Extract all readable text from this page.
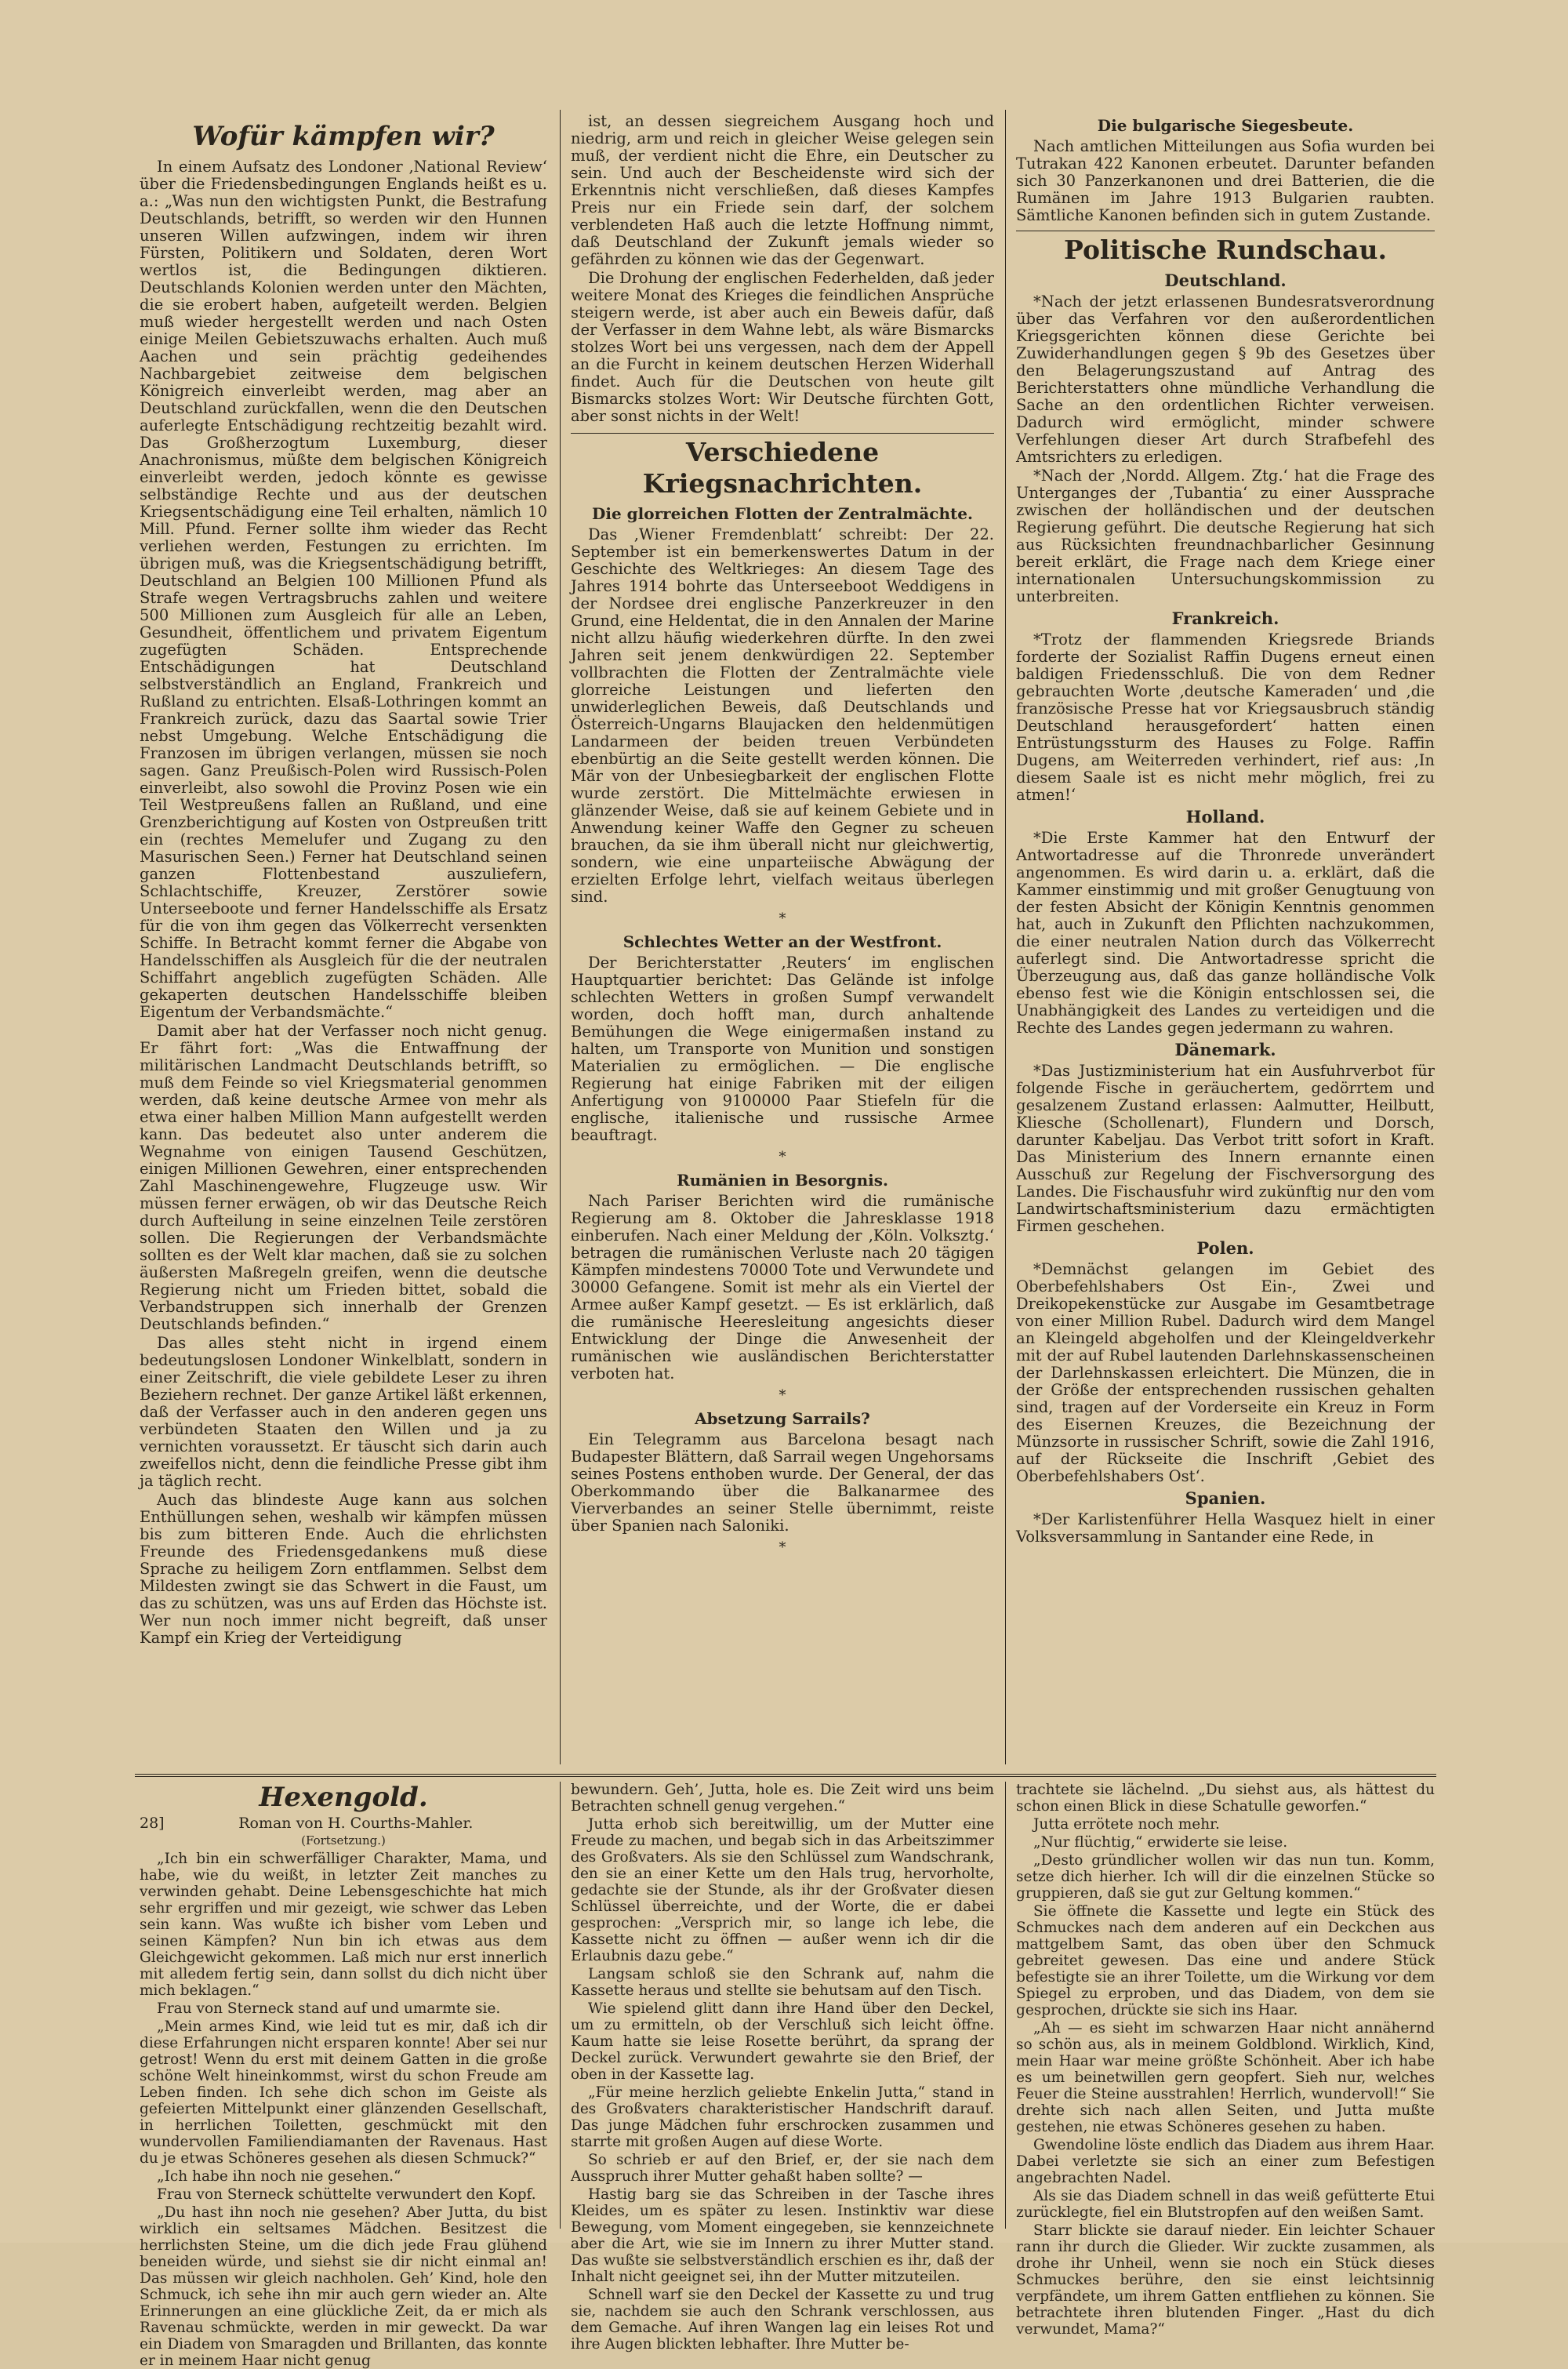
Wofür kämpfen wir?

In einem Aufsatz des Londoner ‚National Review‘ über die Friedensbedingungen Englands heißt es u. a.: „Was nun den wichtigsten Punkt, die Bestrafung Deutschlands, betrifft, so werden wir den Hunnen unseren Willen aufzwingen, indem wir ihren Fürsten, Politikern und Soldaten, deren Wort wertlos ist, die Bedingungen diktieren. Deutschlands Kolonien werden unter den Mächten, die sie erobert haben, aufgeteilt werden. Belgien muß wieder hergestellt werden und nach Osten einige Meilen Gebietszuwachs erhalten. Auch muß Aachen und sein prächtig gedeihendes Nachbargebiet zeitweise dem belgischen Königreich einverleibt werden, mag aber an Deutschland zurückfallen, wenn die den Deutschen auferlegte Entschädigung rechtzeitig bezahlt wird. Das Großherzogtum Luxemburg, dieser Anachronismus, müßte dem belgischen Königreich einverleibt werden, jedoch könnte es gewisse selbständige Rechte und aus der deutschen Kriegsentschädigung eine Teil erhalten, nämlich 10 Mill. Pfund. Ferner sollte ihm wieder das Recht verliehen werden, Festungen zu errichten. Im übrigen muß, was die Kriegsentschädigung betrifft, Deutschland an Belgien 100 Millionen Pfund als Strafe wegen Vertragsbruchs zahlen und weitere 500 Millionen zum Ausgleich für alle an Leben, Gesundheit, öffentlichem und privatem Eigentum zugefügten Schäden. Entsprechende Entschädigungen hat Deutschland selbstverständlich an England, Frankreich und Rußland zu entrichten. Elsaß-Lothringen kommt an Frankreich zurück, dazu das Saartal sowie Trier nebst Umgebung. Welche Entschädigung die Franzosen im übrigen verlangen, müssen sie noch sagen. Ganz Preußisch-Polen wird Russisch-Polen einverleibt, also sowohl die Provinz Posen wie ein Teil Westpreußens fallen an Rußland, und eine Grenzberichtigung auf Kosten von Ostpreußen tritt ein (rechtes Memelufer und Zugang zu den Masurischen Seen.) Ferner hat Deutschland seinen ganzen Flottenbestand auszuliefern, Schlachtschiffe, Kreuzer, Zerstörer sowie Unterseeboote und ferner Handelsschiffe als Ersatz für die von ihm gegen das Völkerrecht versenkten Schiffe. In Betracht kommt ferner die Abgabe von Handelsschiffen als Ausgleich für die der neutralen Schiffahrt angeblich zugefügten Schäden. Alle gekaperten deutschen Handelsschiffe bleiben Eigentum der Verbandsmächte.“

Damit aber hat der Verfasser noch nicht genug. Er fährt fort: „Was die Entwaffnung der militärischen Landmacht Deutschlands betrifft, so muß dem Feinde so viel Kriegsmaterial genommen werden, daß keine deutsche Armee von mehr als etwa einer halben Million Mann aufgestellt werden kann. Das bedeutet also unter anderem die Wegnahme von einigen Tausend Geschützen, einigen Millionen Gewehren, einer entsprechenden Zahl Maschinengewehre, Flugzeuge usw. Wir müssen ferner erwägen, ob wir das Deutsche Reich durch Aufteilung in seine einzelnen Teile zerstören sollen. Die Regierungen der Verbandsmächte sollten es der Welt klar machen, daß sie zu solchen äußersten Maßregeln greifen, wenn die deutsche Regierung nicht um Frieden bittet, sobald die Verbandstruppen sich innerhalb der Grenzen Deutschlands befinden.“

Das alles steht nicht in irgend einem bedeutungslosen Londoner Winkelblatt, sondern in einer Zeitschrift, die viele gebildete Leser zu ihren Beziehern rechnet. Der ganze Artikel läßt erkennen, daß der Verfasser auch in den anderen gegen uns verbündeten Staaten den Willen und ja zu vernichten voraussetzt. Er täuscht sich darin auch zweifellos nicht, denn die feindliche Presse gibt ihm ja täglich recht.

Auch das blindeste Auge kann aus solchen Enthüllungen sehen, weshalb wir kämpfen müssen bis zum bitteren Ende. Auch die ehrlichsten Freunde des Friedensgedankens muß diese Sprache zu heiligem Zorn entflammen. Selbst dem Mildesten zwingt sie das Schwert in die Faust, um das zu schützen, was uns auf Erden das Höchste ist. Wer nun noch immer nicht begreift, daß unser Kampf ein Krieg der Verteidigung

ist, an dessen siegreichem Ausgang hoch und niedrig, arm und reich in gleicher Weise gelegen sein muß, der verdient nicht die Ehre, ein Deutscher zu sein. Und auch der Bescheidenste wird sich der Erkenntnis nicht verschließen, daß dieses Kampfes Preis nur ein Friede sein darf, der solchem verblendeten Haß auch die letzte Hoffnung nimmt, daß Deutschland der Zukunft jemals wieder so gefährden zu können wie das der Gegenwart.

Die Drohung der englischen Federhelden, daß jeder weitere Monat des Krieges die feindlichen Ansprüche steigern werde, ist aber auch ein Beweis dafür, daß der Verfasser in dem Wahne lebt, als wäre Bismarcks stolzes Wort bei uns vergessen, nach dem der Appell an die Furcht in keinem deutschen Herzen Widerhall findet. Auch für die Deutschen von heute gilt Bismarcks stolzes Wort: Wir Deutsche fürchten Gott, aber sonst nichts in der Welt!

Verschiedene Kriegsnachrichten.
Die glorreichen Flotten der Zentralmächte.

Das ‚Wiener Fremdenblatt‘ schreibt: Der 22. September ist ein bemerkenswertes Datum in der Geschichte des Weltkrieges: An diesem Tage des Jahres 1914 bohrte das Unterseeboot Weddigens in der Nordsee drei englische Panzerkreuzer in den Grund, eine Heldentat, die in den Annalen der Marine nicht allzu häufig wiederkehren dürfte. In den zwei Jahren seit jenem denkwürdigen 22. September vollbrachten die Flotten der Zentralmächte viele glorreiche Leistungen und lieferten den unwiderleglichen Beweis, daß Deutschlands und Österreich-Ungarns Blaujacken den heldenmütigen Landarmeen der beiden treuen Verbündeten ebenbürtig an die Seite gestellt werden können. Die Mär von der Unbesiegbarkeit der englischen Flotte wurde zerstört. Die Mittelmächte erwiesen in glänzender Weise, daß sie auf keinem Gebiete und in Anwendung keiner Waffe den Gegner zu scheuen brauchen, da sie ihm überall nicht nur gleichwertig, sondern, wie eine unparteiische Abwägung der erzielten Erfolge lehrt, vielfach weitaus überlegen sind.

*
Schlechtes Wetter an der Westfront.

Der Berichterstatter ‚Reuters‘ im englischen Hauptquartier berichtet: Das Gelände ist infolge schlechten Wetters in großen Sumpf verwandelt worden, doch hofft man, durch anhaltende Bemühungen die Wege einigermaßen instand zu halten, um Transporte von Munition und sonstigen Materialien zu ermöglichen. — Die englische Regierung hat einige Fabriken mit der eiligen Anfertigung von 9100000 Paar Stiefeln für die englische, italienische und russische Armee beauftragt.

*
Rumänien in Besorgnis.

Nach Pariser Berichten wird die rumänische Regierung am 8. Oktober die Jahresklasse 1918 einberufen. Nach einer Meldung der ‚Köln. Volksztg.‘ betragen die rumänischen Verluste nach 20 tägigen Kämpfen mindestens 70000 Tote und Verwundete und 30000 Gefangene. Somit ist mehr als ein Viertel der Armee außer Kampf gesetzt. — Es ist erklärlich, daß die rumänische Heeresleitung angesichts dieser Entwicklung der Dinge die Anwesenheit der rumänischen wie ausländischen Berichterstatter verboten hat.

*
Absetzung Sarrails?

Ein Telegramm aus Barcelona besagt nach Budapester Blättern, daß Sarrail wegen Ungehorsams seines Postens enthoben wurde. Der General, der das Oberkommando über die Balkanarmee des Vierverbandes an seiner Stelle übernimmt, reiste über Spanien nach Saloniki.

*
Die bulgarische Siegesbeute.

Nach amtlichen Mitteilungen aus Sofia wurden bei Tutrakan 422 Kanonen erbeutet. Darunter befanden sich 30 Panzerkanonen und drei Batterien, die die Rumänen im Jahre 1913 Bulgarien raubten. Sämtliche Kanonen befinden sich in gutem Zustande.

Politische Rundschau.
Deutschland.

*Nach der jetzt erlassenen Bundesratsverordnung über das Verfahren vor den außerordentlichen Kriegsgerichten können diese Gerichte bei Zuwiderhandlungen gegen § 9b des Gesetzes über den Belagerungszustand auf Antrag des Berichterstatters ohne mündliche Verhandlung die Sache an den ordentlichen Richter verweisen. Dadurch wird ermöglicht, minder schwere Verfehlungen dieser Art durch Strafbefehl des Amtsrichters zu erledigen.

*Nach der ‚Nordd. Allgem. Ztg.‘ hat die Frage des Unterganges der ‚Tubantia‘ zu einer Aussprache zwischen der holländischen und der deutschen Regierung geführt. Die deutsche Regierung hat sich aus Rücksichten freundnachbarlicher Gesinnung bereit erklärt, die Frage nach dem Kriege einer internationalen Untersuchungskommission zu unterbreiten.

Frankreich.

*Trotz der flammenden Kriegsrede Briands forderte der Sozialist Raffin Dugens erneut einen baldigen Friedensschluß. Die von dem Redner gebrauchten Worte ‚deutsche Kameraden‘ und ‚die französische Presse hat vor Kriegsausbruch ständig Deutschland herausgefordert‘ hatten einen Entrüstungssturm des Hauses zu Folge. Raffin Dugens, am Weiterreden verhindert, rief aus: ‚In diesem Saale ist es nicht mehr möglich, frei zu atmen!‘

Holland.

*Die Erste Kammer hat den Entwurf der Antwortadresse auf die Thronrede unverändert angenommen. Es wird darin u. a. erklärt, daß die Kammer einstimmig und mit großer Genugtuung von der festen Absicht der Königin Kenntnis genommen hat, auch in Zukunft den Pflichten nachzukommen, die einer neutralen Nation durch das Völkerrecht auferlegt sind. Die Antwortadresse spricht die Überzeugung aus, daß das ganze holländische Volk ebenso fest wie die Königin entschlossen sei, die Unabhängigkeit des Landes zu verteidigen und die Rechte des Landes gegen jedermann zu wahren.

Dänemark.

*Das Justizministerium hat ein Ausfuhrverbot für folgende Fische in geräuchertem, gedörrtem und gesalzenem Zustand erlassen: Aalmutter, Heilbutt, Kliesche (Schollenart), Flundern und Dorsch, darunter Kabeljau. Das Verbot tritt sofort in Kraft. Das Ministerium des Innern ernannte einen Ausschuß zur Regelung der Fischversorgung des Landes. Die Fischausfuhr wird zukünftig nur den vom Landwirtschaftsministerium dazu ermächtigten Firmen geschehen.

Polen.

*Demnächst gelangen im Gebiet des Oberbefehlshabers Ost Ein-, Zwei und Dreikopekenstücke zur Ausgabe im Gesamtbetrage von einer Million Rubel. Dadurch wird dem Mangel an Kleingeld abgeholfen und der Kleingeldverkehr mit der auf Rubel lautenden Darlehnskassenscheinen der Darlehnskassen erleichtert. Die Münzen, die in der Größe der entsprechenden russischen gehalten sind, tragen auf der Vorderseite ein Kreuz in Form des Eisernen Kreuzes, die Bezeichnung der Münzsorte in russischer Schrift, sowie die Zahl 1916, auf der Rückseite die Inschrift ‚Gebiet des Oberbefehlshabers Ost‘.

Spanien.

*Der Karlistenführer Hella Wasquez hielt in einer Volksversammlung in Santander eine Rede, in

Hexengold.
28]	Roman von H. Courths-Mahler.
(Fortsetzung.)

„Ich bin ein schwerfälliger Charakter, Mama, und habe, wie du weißt, in letzter Zeit manches zu verwinden gehabt. Deine Lebensgeschichte hat mich sehr ergriffen und mir gezeigt, wie schwer das Leben sein kann. Was wußte ich bisher vom Leben und seinen Kämpfen? Nun bin ich etwas aus dem Gleichgewicht gekommen. Laß mich nur erst innerlich mit alledem fertig sein, dann sollst du dich nicht über mich beklagen.“

Frau von Sterneck stand auf und umarmte sie.

„Mein armes Kind, wie leid tut es mir, daß ich dir diese Erfahrungen nicht ersparen konnte! Aber sei nur getrost! Wenn du erst mit deinem Gatten in die große schöne Welt hineinkommst, wirst du schon Freude am Leben finden. Ich sehe dich schon im Geiste als gefeierten Mittelpunkt einer glänzenden Gesellschaft, in herrlichen Toiletten, geschmückt mit den wundervollen Familiendiamanten der Ravenaus. Hast du je etwas Schöneres gesehen als diesen Schmuck?“

„Ich habe ihn noch nie gesehen.“

Frau von Sterneck schüttelte verwundert den Kopf.

„Du hast ihn noch nie gesehen? Aber Jutta, du bist wirklich ein seltsames Mädchen. Besitzest die herrlichsten Steine, um die dich jede Frau glühend beneiden würde, und siehst sie dir nicht einmal an! Das müssen wir gleich nachholen. Geh’ Kind, hole den Schmuck, ich sehe ihn mir auch gern wieder an. Alte Erinnerungen an eine glückliche Zeit, da er mich als Ravenau schmückte, werden in mir geweckt. Da war ein Diadem von Smaragden und Brillanten, das konnte er in meinem Haar nicht genug

bewundern. Geh’, Jutta, hole es. Die Zeit wird uns beim Betrachten schnell genug vergehen.“

Jutta erhob sich bereitwillig, um der Mutter eine Freude zu machen, und begab sich in das Arbeitszimmer des Großvaters. Als sie den Schlüssel zum Wandschrank, den sie an einer Kette um den Hals trug, hervorholte, gedachte sie der Stunde, als ihr der Großvater diesen Schlüssel überreichte, und der Worte, die er dabei gesprochen: „Versprich mir, so lange ich lebe, die Kassette nicht zu öffnen — außer wenn ich dir die Erlaubnis dazu gebe.“

Langsam schloß sie den Schrank auf, nahm die Kassette heraus und stellte sie behutsam auf den Tisch.

Wie spielend glitt dann ihre Hand über den Deckel, um zu ermitteln, ob der Verschluß sich leicht öffne. Kaum hatte sie leise Rosette berührt, da sprang der Deckel zurück. Verwundert gewahrte sie den Brief, der oben in der Kassette lag.

„Für meine herzlich geliebte Enkelin Jutta,“ stand in des Großvaters charakteristischer Handschrift darauf. Das junge Mädchen fuhr erschrocken zusammen und starrte mit großen Augen auf diese Worte.

So schrieb er auf den Brief, er, der sie nach dem Ausspruch ihrer Mutter gehaßt haben sollte? —

Hastig barg sie das Schreiben in der Tasche ihres Kleides, um es später zu lesen. Instinktiv war diese Bewegung, vom Moment eingegeben, sie kennzeichnete aber die Art, wie sie im Innern zu ihrer Mutter stand. Das wußte sie selbstverständlich erschien es ihr, daß der Inhalt nicht geeignet sei, ihn der Mutter mitzuteilen.

Schnell warf sie den Deckel der Kassette zu und trug sie, nachdem sie auch den Schrank verschlossen, aus dem Gemache. Auf ihren Wangen lag ein leises Rot und ihre Augen blickten lebhafter. Ihre Mutter be-

trachtete sie lächelnd. „Du siehst aus, als hättest du schon einen Blick in diese Schatulle geworfen.“

Jutta errötete noch mehr.

„Nur flüchtig,“ erwiderte sie leise.

„Desto gründlicher wollen wir das nun tun. Komm, setze dich hierher. Ich will dir die einzelnen Stücke so gruppieren, daß sie gut zur Geltung kommen.“

Sie öffnete die Kassette und legte ein Stück des Schmuckes nach dem anderen auf ein Deckchen aus mattgelbem Samt, das oben über den Schmuck gebreitet gewesen. Das eine und andere Stück befestigte sie an ihrer Toilette, um die Wirkung vor dem Spiegel zu erproben, und das Diadem, von dem sie gesprochen, drückte sie sich ins Haar.

„Ah — es sieht im schwarzen Haar nicht annähernd so schön aus, als in meinem Goldblond. Wirklich, Kind, mein Haar war meine größte Schönheit. Aber ich habe es um beinetwillen gern geopfert. Sieh nur, welches Feuer die Steine ausstrahlen! Herrlich, wundervoll!“ Sie drehte sich nach allen Seiten, und Jutta mußte gestehen, nie etwas Schöneres gesehen zu haben.

Gwendoline löste endlich das Diadem aus ihrem Haar. Dabei verletzte sie sich an einer zum Befestigen angebrachten Nadel.

Als sie das Diadem schnell in das weiß gefütterte Etui zurücklegte, fiel ein Blutstropfen auf den weißen Samt.

Starr blickte sie darauf nieder. Ein leichter Schauer rann ihr durch die Glieder. Wir zuckte zusammen, als drohe ihr Unheil, wenn sie noch ein Stück dieses Schmuckes berühre, den sie einst leichtsinnig verpfändete, um ihrem Gatten entfliehen zu können. Sie betrachtete ihren blutenden Finger. „Hast du dich verwundet, Mama?“
